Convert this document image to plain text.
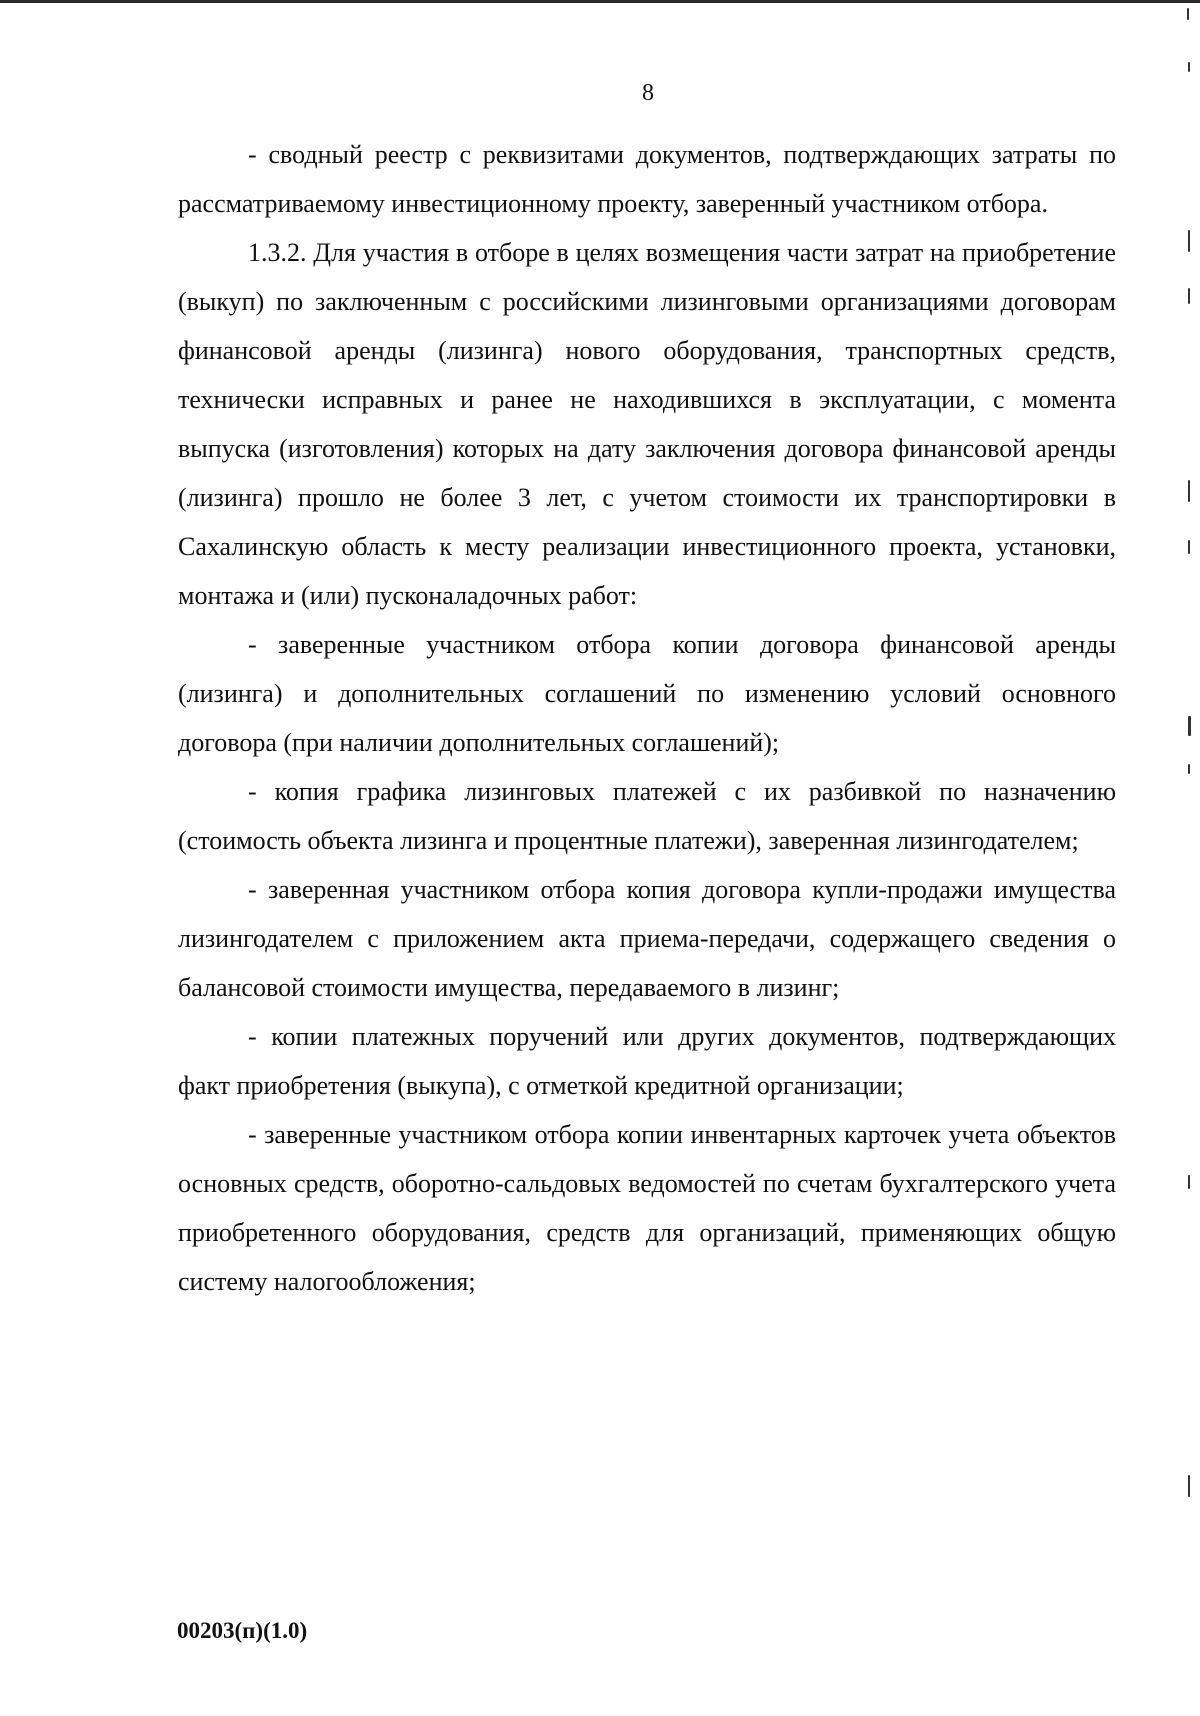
8

- сводный реестр с реквизитами документов, подтверждающих затраты по рассматриваемому инвестиционному проекту, заверенный участником отбора.

1.3.2. Для участия в отборе в целях возмещения части затрат на приобретение (выкуп) по заключенным с российскими лизинговыми организациями договорам финансовой аренды (лизинга) нового оборудования, транспортных средств, технически исправных и ранее не находившихся в эксплуатации, с момента выпуска (изготовления) которых на дату заключения договора финансовой аренды (лизинга) прошло не более 3 лет, с учетом стоимости их транспортировки в Сахалинскую область к месту реализации инвестиционного проекта, установки, монтажа и (или) пусконаладочных работ:

- заверенные участником отбора копии договора финансовой аренды (лизинга) и дополнительных соглашений по изменению условий основного договора (при наличии дополнительных соглашений);

- копия графика лизинговых платежей с их разбивкой по назначению (стоимость объекта лизинга и процентные платежи), заверенная лизингодателем;

- заверенная участником отбора копия договора купли-продажи имущества лизингодателем с приложением акта приема-передачи, содержащего сведения о балансовой стоимости имущества, передаваемого в лизинг;

- копии платежных поручений или других документов, подтверждающих факт приобретения (выкупа), с отметкой кредитной организации;

- заверенные участником отбора копии инвентарных карточек учета объектов основных средств, оборотно-сальдовых ведомостей по счетам бухгалтерского учета приобретенного оборудования, средств для организаций, применяющих общую систему налогообложения;

00203(п)(1.0)
